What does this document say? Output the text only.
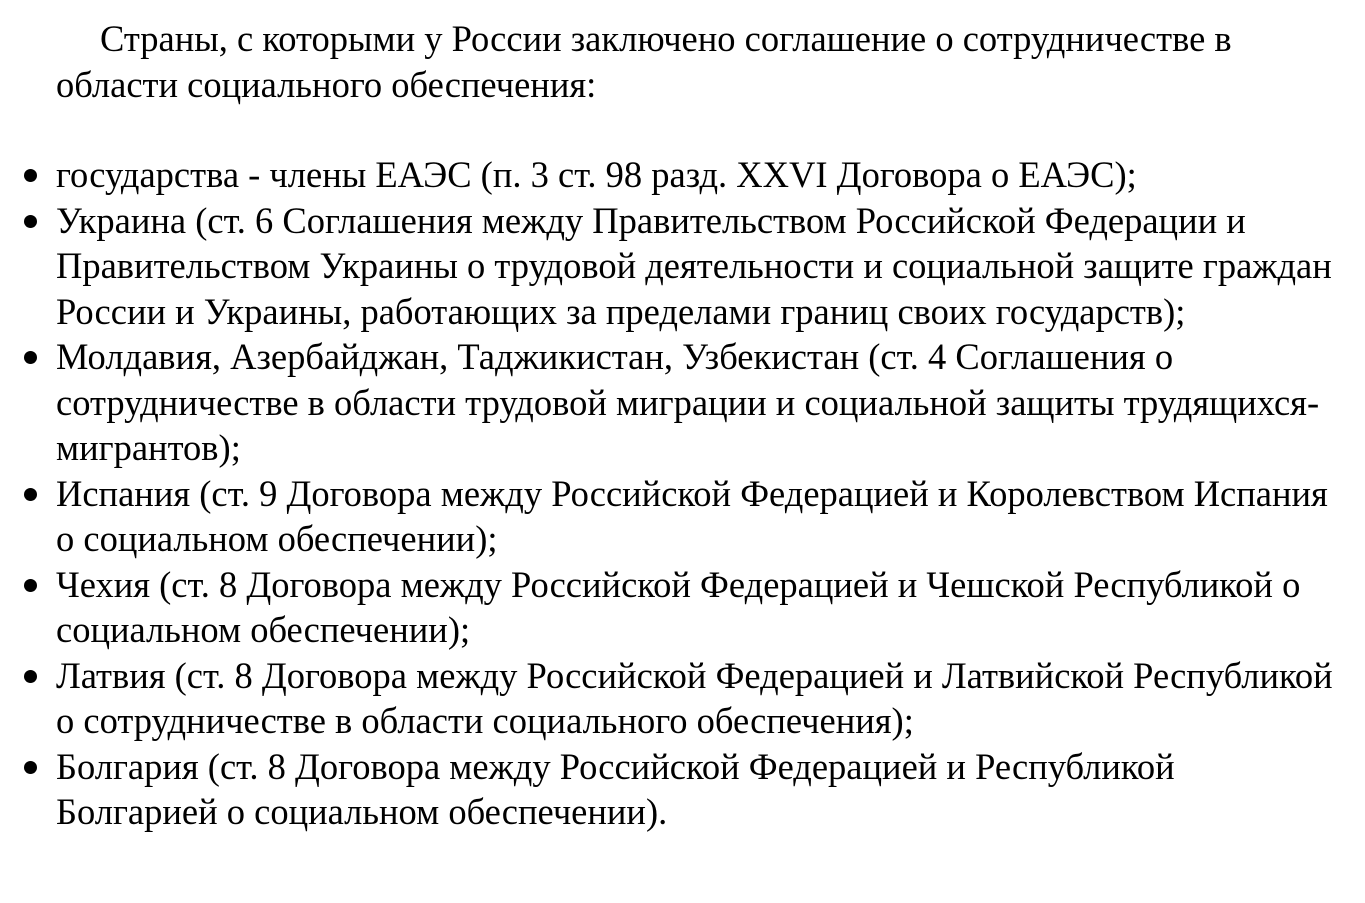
Страны, с которыми у России заключено соглашение о сотрудничестве в области социального обеспечения:

государства - члены ЕАЭС (п. 3 ст. 98 разд. XXVI Договора о ЕАЭС);
Украина (ст. 6 Соглашения между Правительством Российской Федерации и Правительством Украины о трудовой деятельности и социальной защите граждан России и Украины, работающих за пределами границ своих государств);
Молдавия, Азербайджан, Таджикистан, Узбекистан (ст. 4 Соглашения о сотрудничестве в области трудовой миграции и социальной защиты трудящихся-мигрантов);
Испания (ст. 9 Договора между Российской Федерацией и Королевством Испания о социальном обеспечении);
Чехия (ст. 8 Договора между Российской Федерацией и Чешской Республикой о социальном обеспечении);
Латвия (ст. 8 Договора между Российской Федерацией и Латвийской Республикой о сотрудничестве в области социального обеспечения);
Болгария (ст. 8 Договора между Российской Федерацией и Республикой Болгарией о социальном обеспечении).
